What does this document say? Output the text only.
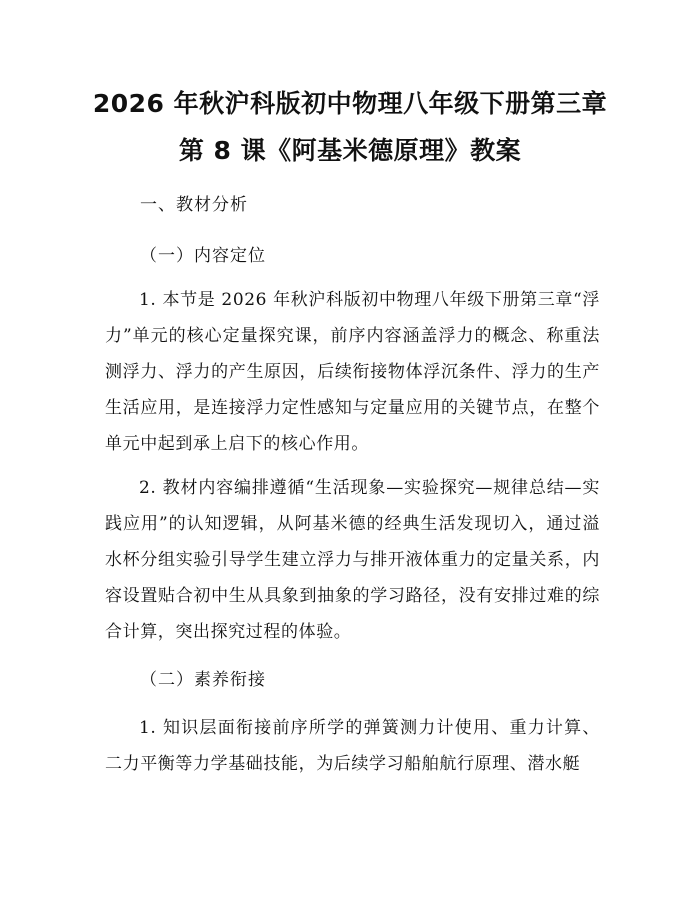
2026 年秋沪科版初中物理八年级下册第三章
第 8 课《阿基米德原理》教案
一、教材分析
（一）内容定位

1. 本节是 2026 年秋沪科版初中物理八年级下册第三章“浮力”单元的核心定量探究课，前序内容涵盖浮力的概念、称重法测浮力、浮力的产生原因，后续衔接物体浮沉条件、浮力的生产生活应用，是连接浮力定性感知与定量应用的关键节点，在整个单元中起到承上启下的核心作用。

2. 教材内容编排遵循“生活现象—实验探究—规律总结—实践应用”的认知逻辑，从阿基米德的经典生活发现切入，通过溢水杯分组实验引导学生建立浮力与排开液体重力的定量关系，内容设置贴合初中生从具象到抽象的学习路径，没有安排过难的综合计算，突出探究过程的体验。

（二）素养衔接

1. 知识层面衔接前序所学的弹簧测力计使用、重力计算、二力平衡等力学基础技能，为后续学习船舶航行原理、潜水艇
